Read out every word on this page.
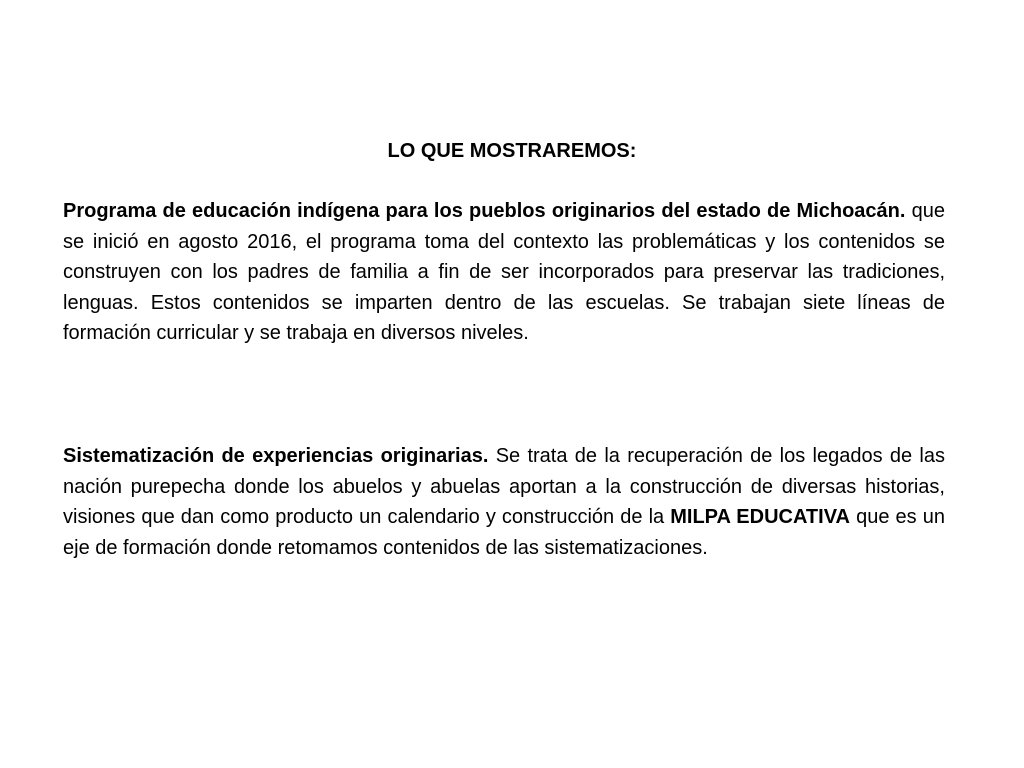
LO QUE MOSTRAREMOS:

Programa de educación indígena para los pueblos originarios del estado de Michoacán. que se inició en agosto 2016, el programa toma del contexto las problemáticas y los contenidos se construyen con los padres de familia a fin de ser incorporados para preservar las tradiciones, lenguas. Estos contenidos se imparten dentro de las escuelas. Se trabajan siete líneas de formación curricular y se trabaja en diversos niveles.

Sistematización de experiencias originarias. Se trata de la recuperación de los legados de las nación purepecha donde los abuelos y abuelas aportan a la construcción de diversas historias, visiones que dan como producto un calendario y construcción de la MILPA EDUCATIVA que es un eje de formación donde retomamos contenidos de las sistematizaciones.
